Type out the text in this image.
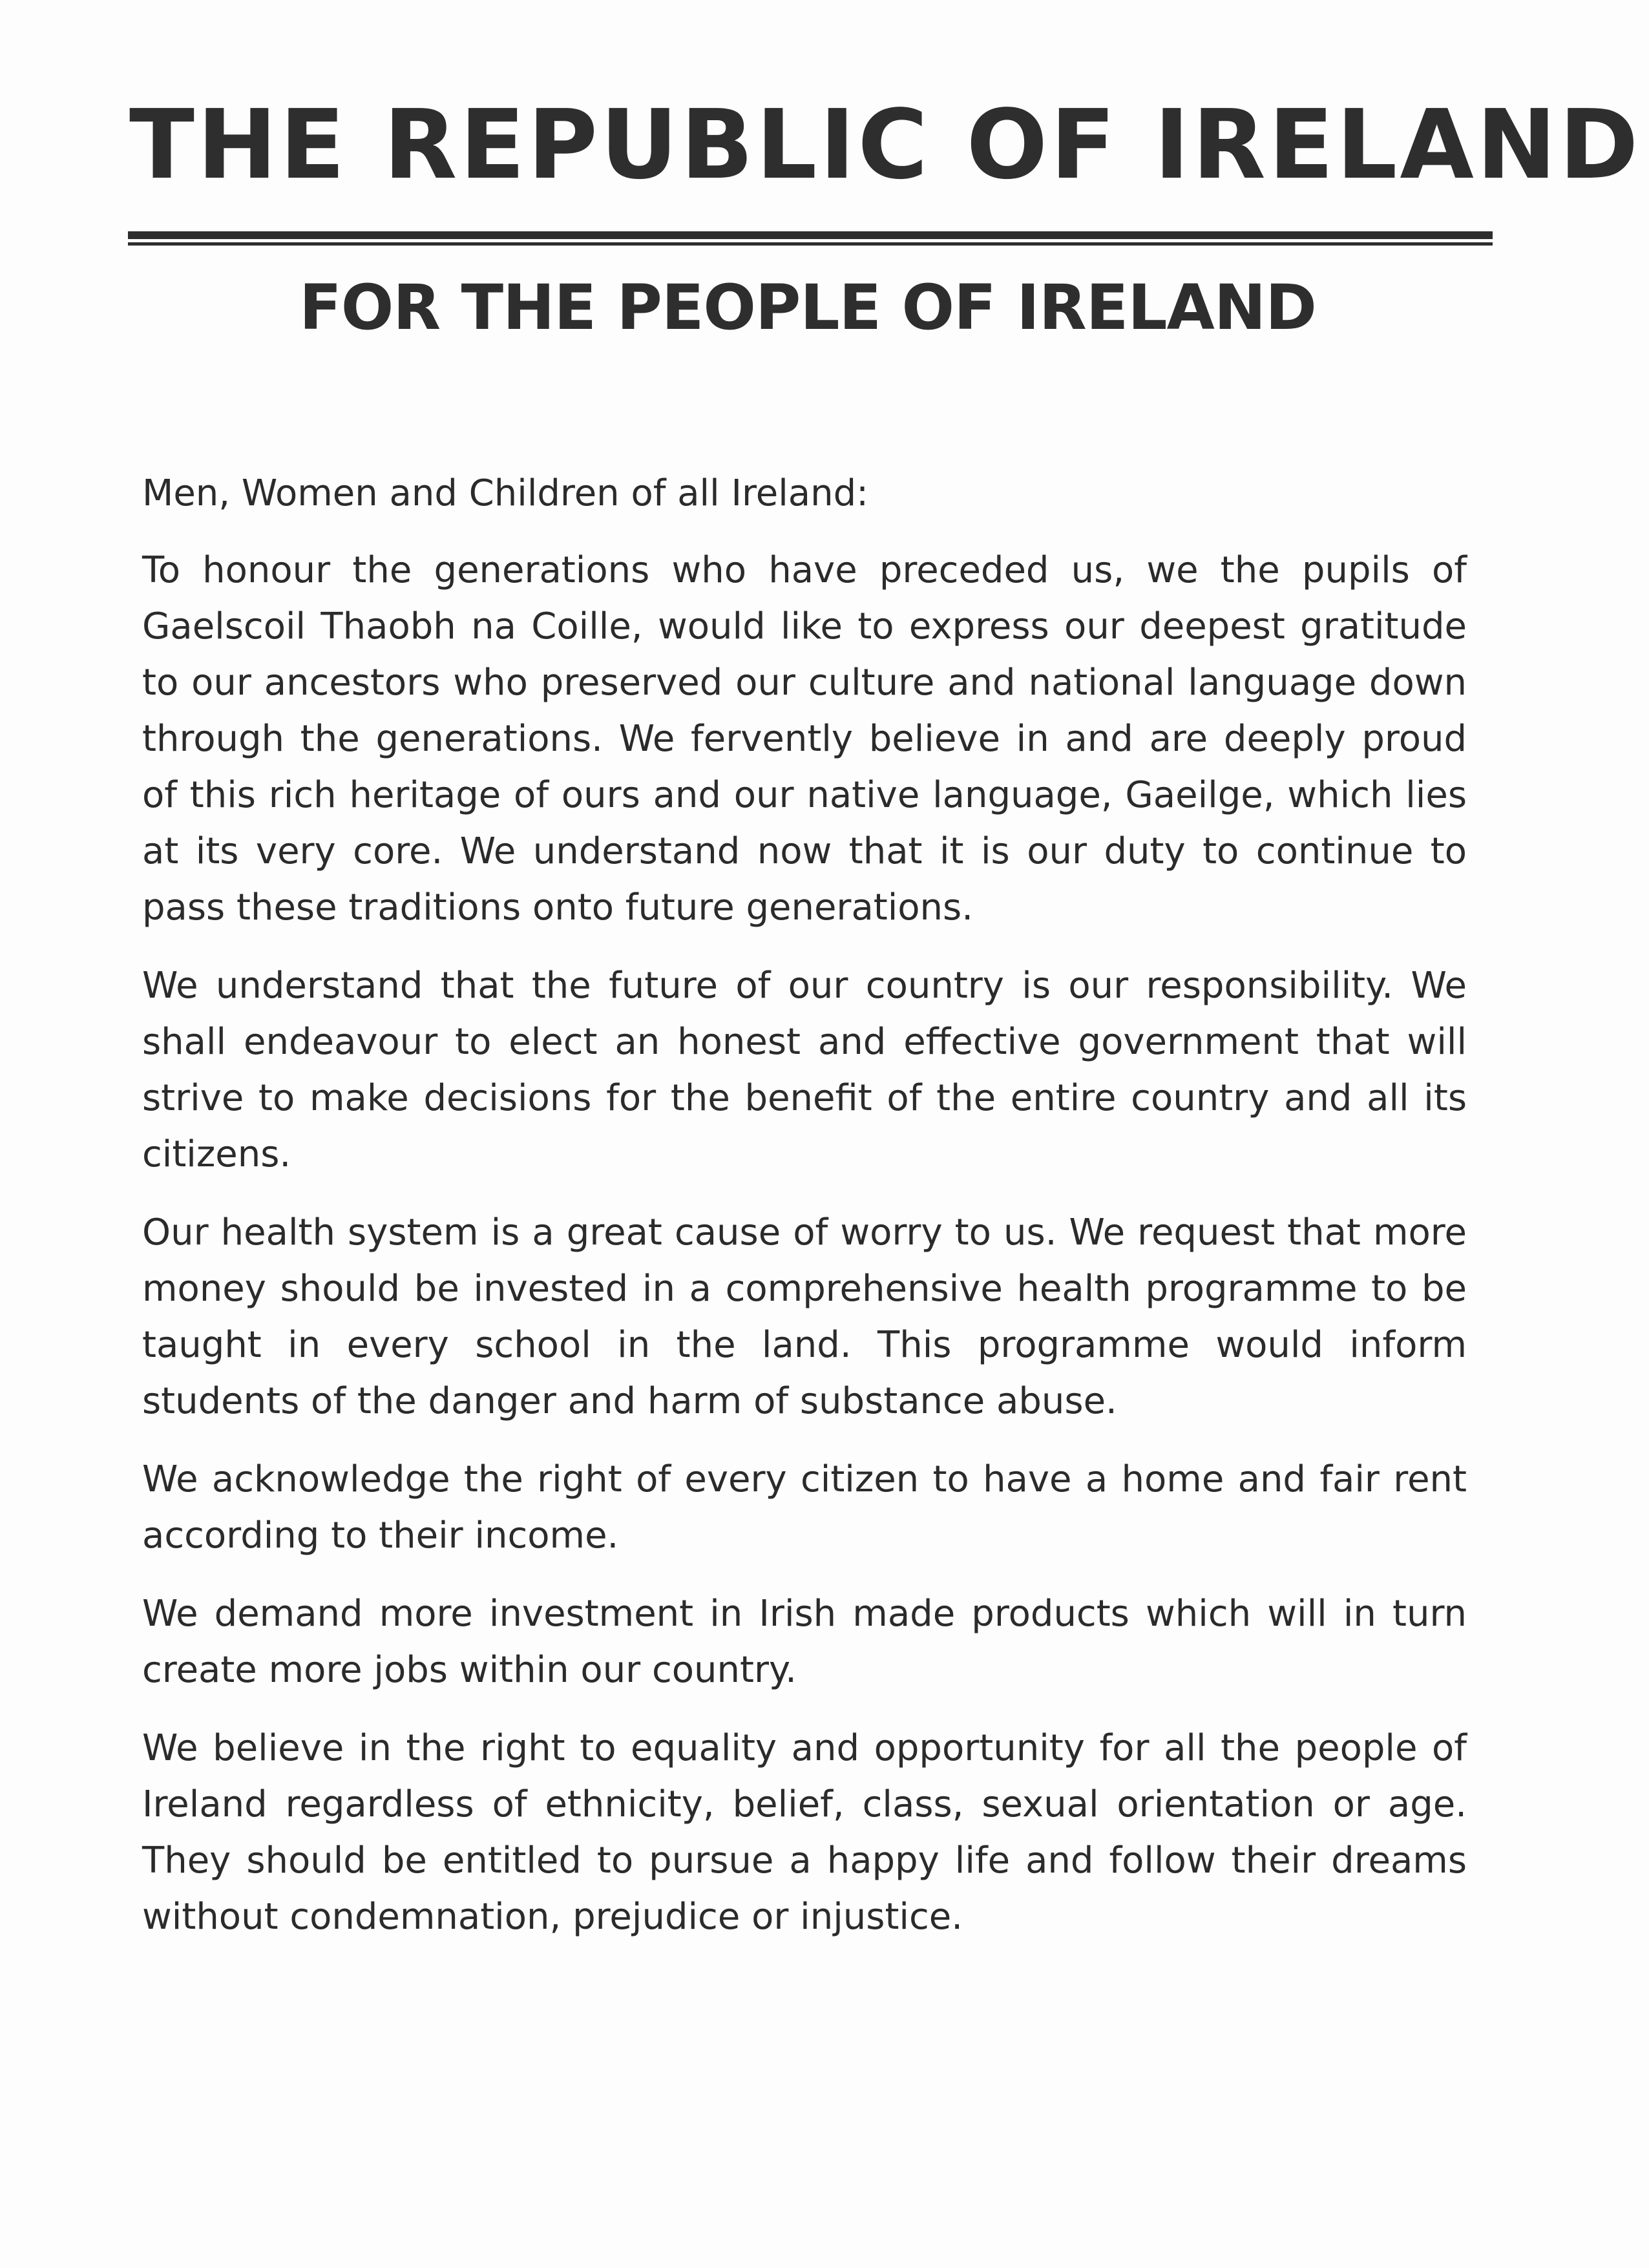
THE REPUBLIC OF IRELAND
FOR THE PEOPLE OF IRELAND

Men, Women and Children of all Ireland:

To honour the generations who have preceded us, we the pupils of Gaelscoil Thaobh na Coille, would like to express our deepest gratitude to our ancestors who preserved our culture and national language down through the generations. We fervently believe in and are deeply proud of this rich heritage of ours and our native language, Gaeilge, which lies at its very core. We understand now that it is our duty to continue to pass these traditions onto future generations.

We understand that the future of our country is our responsibility. We shall endeavour to elect an honest and effective government that will strive to make decisions for the benefit of the entire country and all its citizens.

Our health system is a great cause of worry to us. We request that more money should be invested in a comprehensive health programme to be taught in every school in the land. This programme would inform students of the danger and harm of substance abuse.

We acknowledge the right of every citizen to have a home and fair rent according to their income.

We demand more investment in Irish made products which will in turn create more jobs within our country.

We believe in the right to equality and opportunity for all the people of Ireland regardless of ethnicity, belief, class, sexual orientation or age. They should be entitled to pursue a happy life and follow their dreams without condemnation, prejudice or injustice.
